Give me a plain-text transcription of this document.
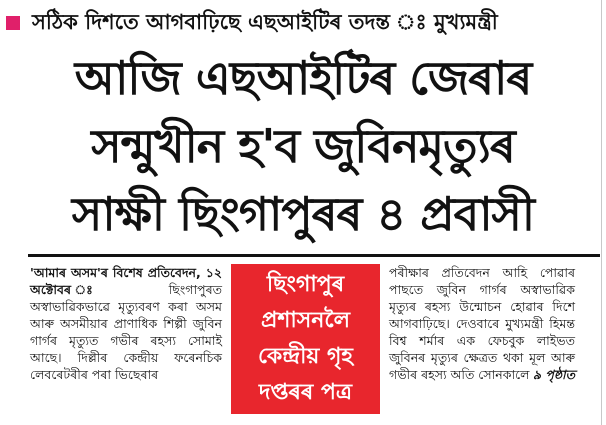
সঠিক দিশতে আগবাঢ়িছে এছআইটিৰ তদন্ত ঃ মুখ্যমন্ত্ৰী
আজি এছআইটিৰ জেৰাৰ
সন্মুখীন হ'ব জুবিনমৃত্যুৰ
সাক্ষী ছিংগাপুৰৰ ৪ প্ৰবাসী

'আমাৰ অসম'ৰ বিশেষ প্ৰতিবেদন, ১২ অক্টোবৰ ঃ	ছিংগাপুৰত অস্বাভাৱিকভাৱে মৃত্যুবৰণ কৰা অসম আৰু অসমীয়াৰ প্ৰাণাধিক শিল্পী জুবিন গাৰ্গৰ মৃত্যুত গভীৰ ৰহস্য সোমাই আছে। দিল্লীৰ কেন্দ্ৰীয় ফৰেনচিক লেবৰেটৰীৰ পৰা ভিছেৰাৰ

ছিংগাপুৰ
প্ৰশাসনলৈ
কেন্দ্ৰীয় গৃহ
দপ্তৰৰ পত্ৰ

পৰীক্ষাৰ প্ৰতিবেদন আহি পোৱাৰ পাছতে জুবিন গাৰ্গৰ অস্বাভাৱিক মৃত্যুৰ ৰহস্য উন্মোচন হোৱাৰ দিশে আগবাঢ়িছে। দেওবাৰে মুখ্যমন্ত্ৰী হিমন্ত বিশ্ব শৰ্মাৰ এক ফেচবুক লাইভত জুবিনৰ মৃত্যুৰ ক্ষেত্ৰত থকা মূল আৰু গভীৰ ৰহস্য অতি সোনকালে ৯ পৃষ্ঠাত
